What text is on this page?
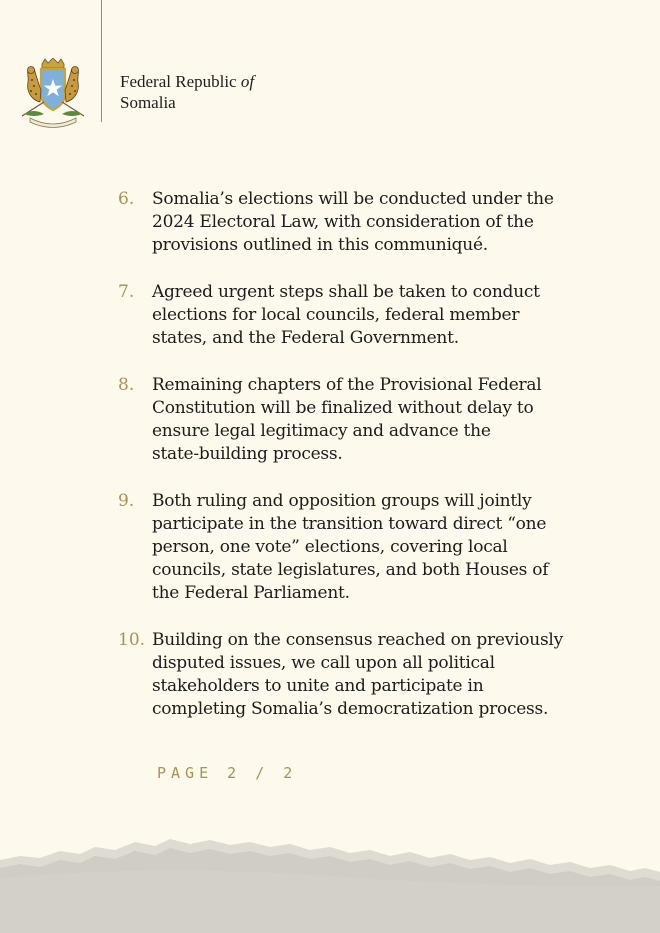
Federal Republic of
Somalia
6. Somalia’s elections will be conducted under the
2024 Electoral Law, with consideration of the
provisions outlined in this communiqué.
7. Agreed urgent steps shall be taken to conduct
elections for local councils, federal member
states, and the Federal Government.
8. Remaining chapters of the Provisional Federal
Constitution will be finalized without delay to
ensure legal legitimacy and advance the
state-building process.
9. Both ruling and opposition groups will jointly
participate in the transition toward direct “one
person, one vote” elections, covering local
councils, state legislatures, and both Houses of
the Federal Parliament.
10. Building on the consensus reached on previously
disputed issues, we call upon all political
stakeholders to unite and participate in
completing Somalia’s democratization process.
PAGE 2 / 2
